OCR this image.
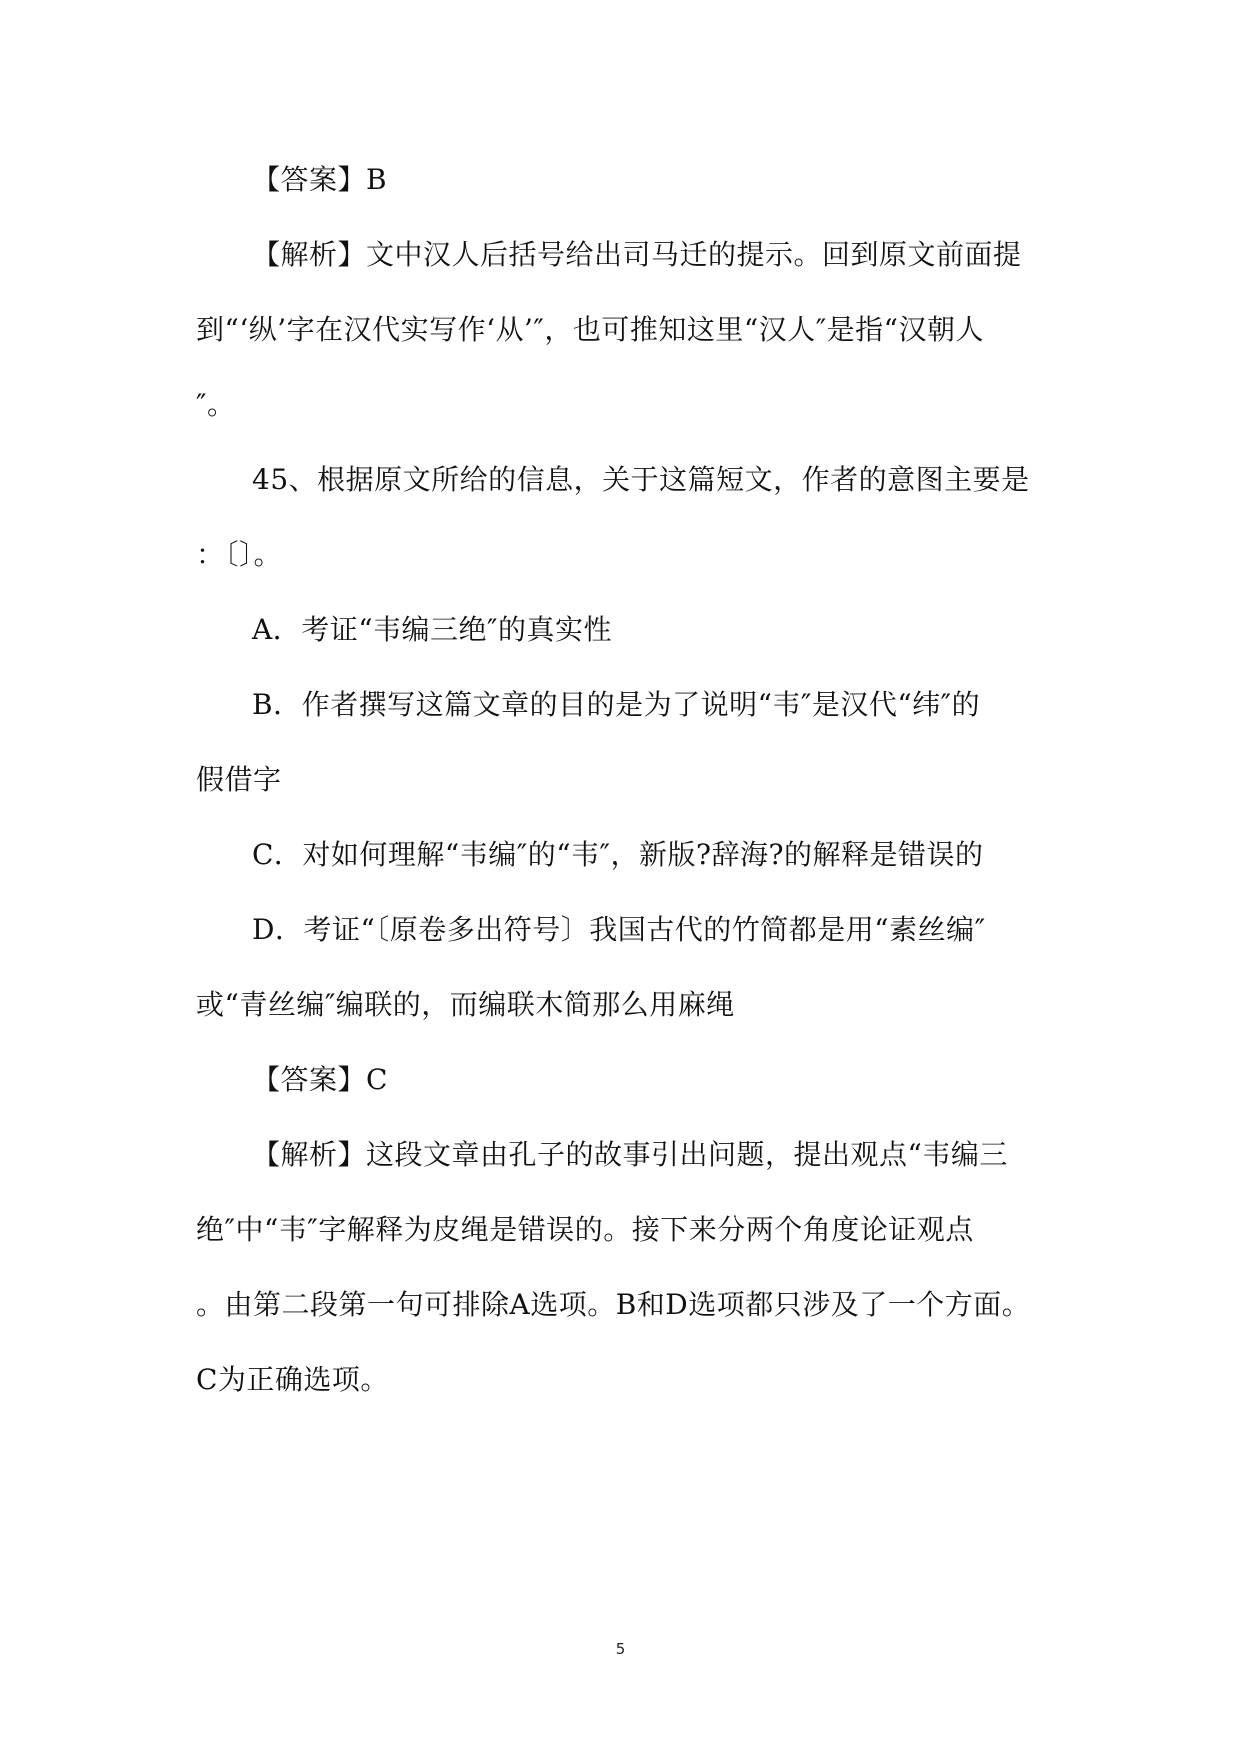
【答案】B
【解析】文中汉人后括号给出司马迁的提示。回到原文前面提
到“‘纵’字在汉代实写作‘从’″，也可推知这里“汉人″是指“汉朝人
″。
45、根据原文所给的信息，关于这篇短文，作者的意图主要是
：〔〕。
A．考证“韦编三绝″的真实性
B．作者撰写这篇文章的目的是为了说明“韦″是汉代“纬″的
假借字
C．对如何理解“韦编″的“韦″，新版?辞海?的解释是错误的
D．考证“〔原卷多出符号〕我国古代的竹简都是用“素丝编″
或“青丝编″编联的，而编联木简那么用麻绳
【答案】C
【解析】这段文章由孔子的故事引出问题，提出观点“韦编三
绝″中“韦″字解释为皮绳是错误的。接下来分两个角度论证观点
。由第二段第一句可排除A选项。B和D选项都只涉及了一个方面。
C为正确选项。
5
